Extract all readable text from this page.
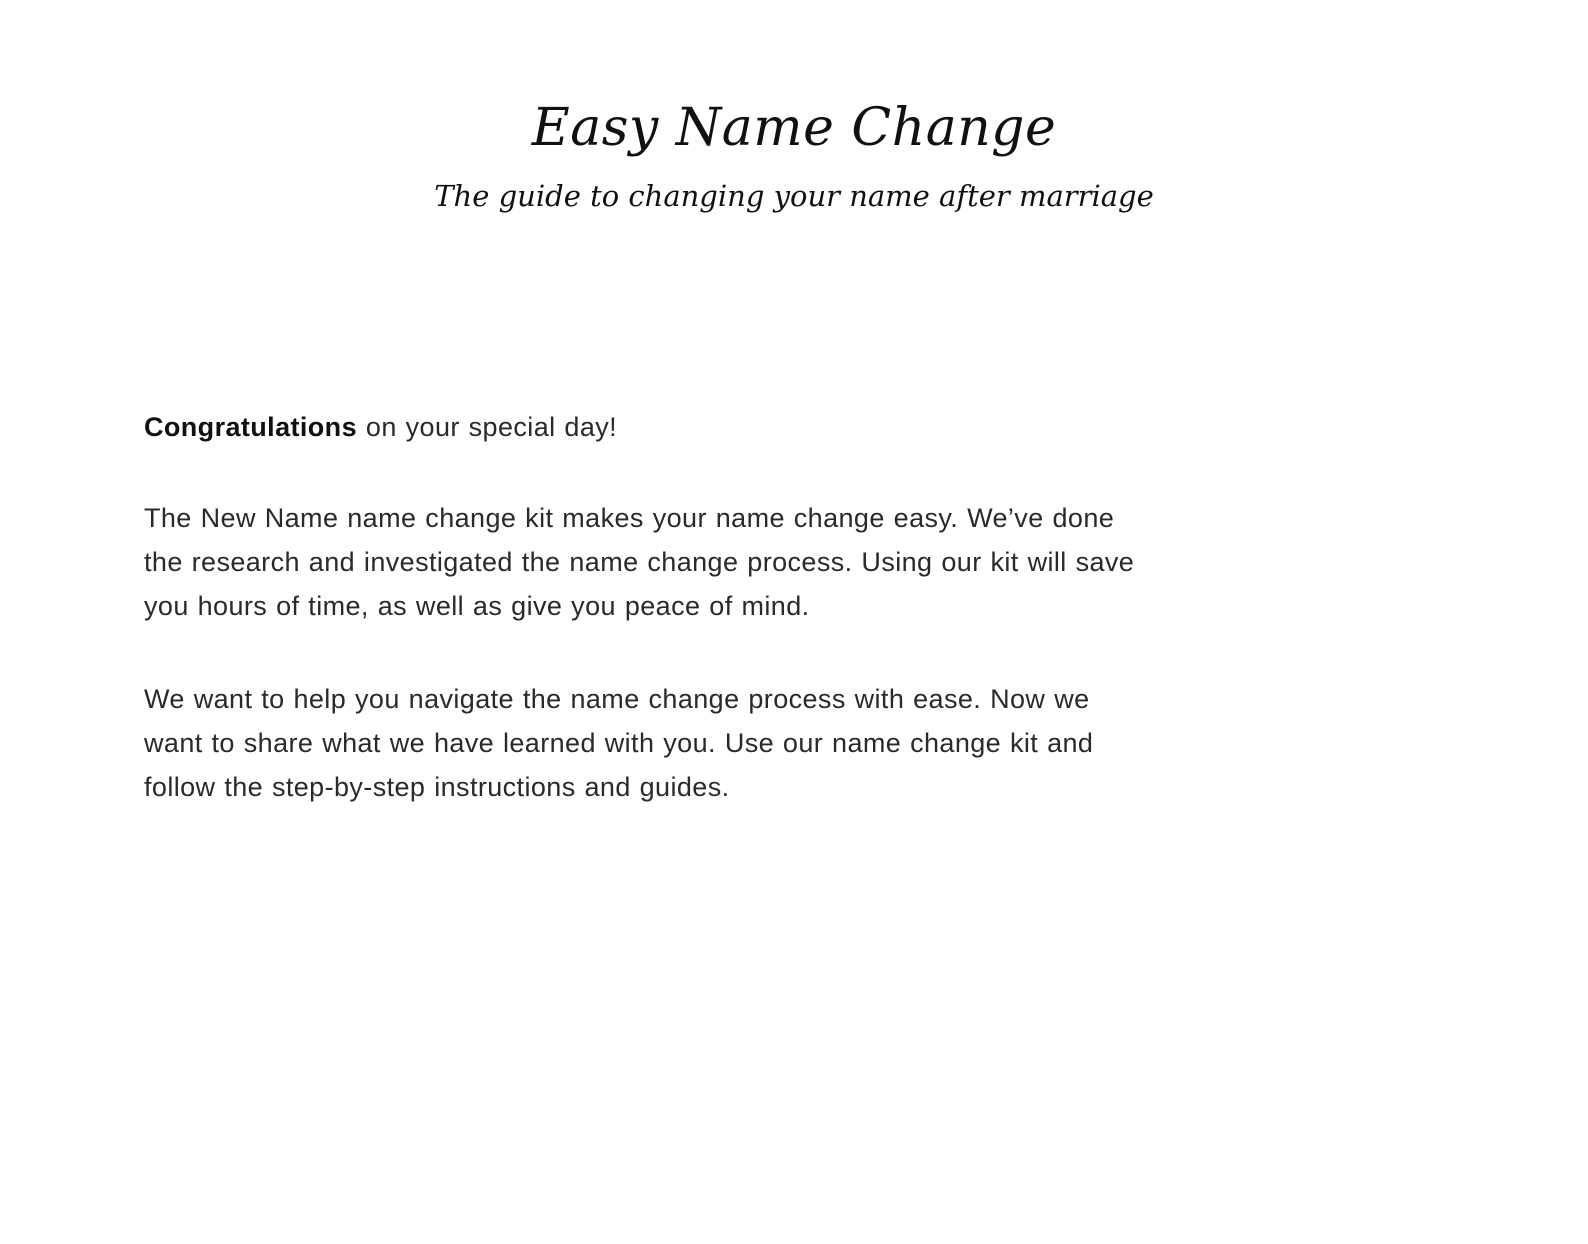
Easy Name Change
The guide to changing your name after marriage

Congratulations on your special day!

The New Name name change kit makes your name change easy. We’ve done
the research and investigated the name change process. Using our kit will save
you hours of time, as well as give you peace of mind.

We want to help you navigate the name change process with ease. Now we
want to share what we have learned with you. Use our name change kit and
follow the step-by-step instructions and guides.
